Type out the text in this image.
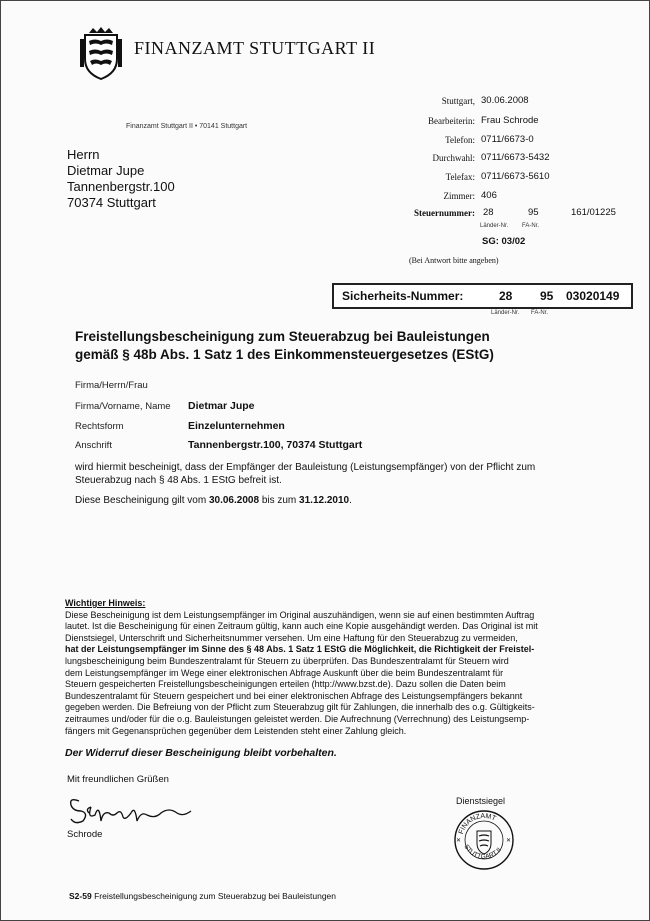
FINANZAMT STUTTGART II
Finanzamt Stuttgart II • 70141 Stuttgart
Herrn
Dietmar Jupe
Tannenbergstr.100
70374 Stuttgart
Stuttgart, 30.06.2008
Bearbeiterin: Frau Schrode
Telefon: 0711/6673-0
Durchwahl: 0711/6673-5432
Telefax: 0711/6673-5610
Zimmer: 406
Steuernummer: 28	95	161/01225
Länder-Nr. FA-Nr.
SG: 03/02
(Bei Antwort bitte angeben)
Sicherheits-Nummer:	28 95 03020149
Länder-Nr. FA-Nr.
Freistellungsbescheinigung zum Steuerabzug bei Bauleistungen
gemäß § 48b Abs. 1 Satz 1 des Einkommensteuergesetzes (EStG)
Firma/Herrn/Frau
Firma/Vorname, Name Dietmar Jupe
Rechtsform	Einzelunternehmen
Anschrift	Tannenbergstr.100, 70374 Stuttgart
wird hiermit bescheinigt, dass der Empfänger der Bauleistung (Leistungsempfänger) von der Pflicht zum
Steuerabzug nach § 48 Abs. 1 EStG befreit ist.
Diese Bescheinigung gilt vom 30.06.2008 bis zum 31.12.2010.
Wichtiger Hinweis:
Diese Bescheinigung ist dem Leistungsempfänger im Original auszuhändigen, wenn sie auf einen bestimmten Auftrag
lautet. Ist die Bescheinigung für einen Zeitraum gültig, kann auch eine Kopie ausgehändigt werden. Das Original ist mit
Dienstsiegel, Unterschrift und Sicherheitsnummer versehen. Um eine Haftung für den Steuerabzug zu vermeiden,
hat der Leistungsempfänger im Sinne des § 48 Abs. 1 Satz 1 EStG die Möglichkeit, die Richtigkeit der Freistel-
lungsbescheinigung beim Bundeszentralamt für Steuern zu überprüfen. Das Bundeszentralamt für Steuern wird
dem Leistungsempfänger im Wege einer elektronischen Abfrage Auskunft über die beim Bundeszentralamt für
Steuern gespeicherten Freistellungsbescheinigungen erteilen (http://www.bzst.de). Dazu sollen die Daten beim
Bundeszentralamt für Steuern gespeichert und bei einer elektronischen Abfrage des Leistungsempfängers bekannt
gegeben werden. Die Befreiung von der Pflicht zum Steuerabzug gilt für Zahlungen, die innerhalb des o.g. Gültigkeits-
zeitraumes und/oder für die o.g. Bauleistungen geleistet werden. Die Aufrechnung (Verrechnung) des Leistungsemp-
fängers mit Gegenansprüchen gegenüber dem Leistenden steht einer Zahlung gleich.
Der Widerruf dieser Bescheinigung bleibt vorbehalten.
Mit freundlichen Grüßen
Schrode
Dienstsiegel
FINANZAMT
STUTTGART II
✕	✕
S2-59 Freistellungsbescheinigung zum Steuerabzug bei Bauleistungen
